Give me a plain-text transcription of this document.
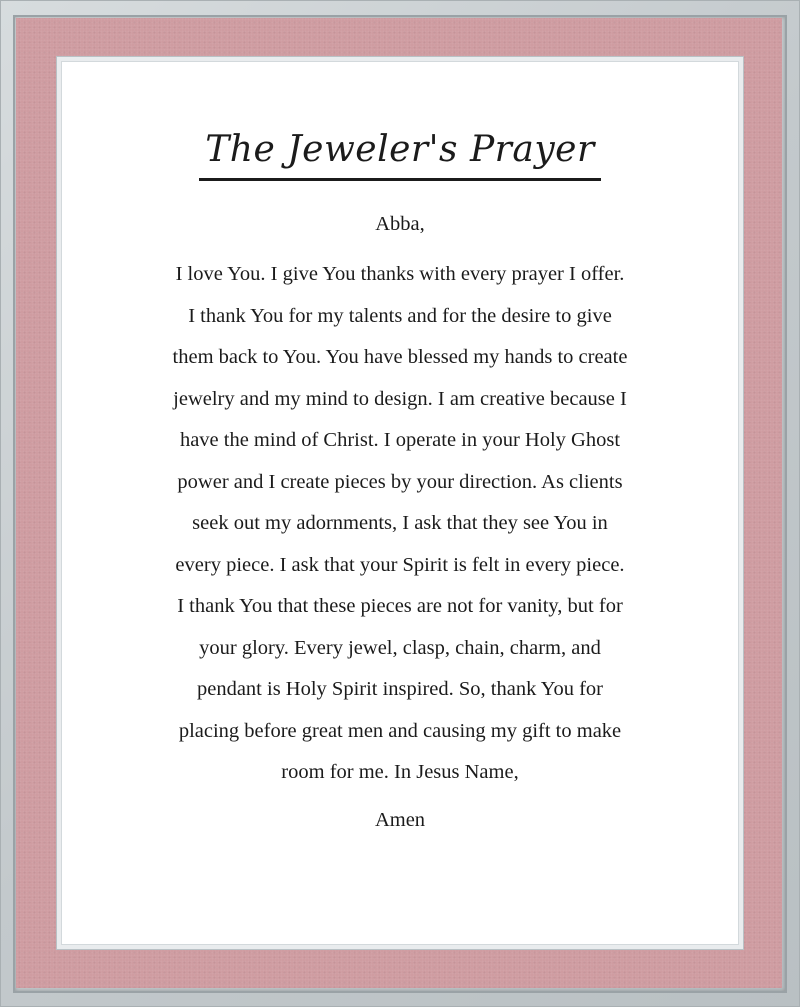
The Jeweler's Prayer
Abba,
I love You. I give You thanks with every prayer I offer.
I thank You for my talents and for the desire to give
them back to You. You have blessed my hands to create
jewelry and my mind to design. I am creative because I
have the mind of Christ. I operate in your Holy Ghost
power and I create pieces by your direction. As clients
seek out my adornments, I ask that they see You in
every piece. I ask that your Spirit is felt in every piece.
I thank You that these pieces are not for vanity, but for
your glory. Every jewel, clasp, chain, charm, and
pendant is Holy Spirit inspired. So, thank You for
placing before great men and causing my gift to make
room for me. In Jesus Name,
Amen
